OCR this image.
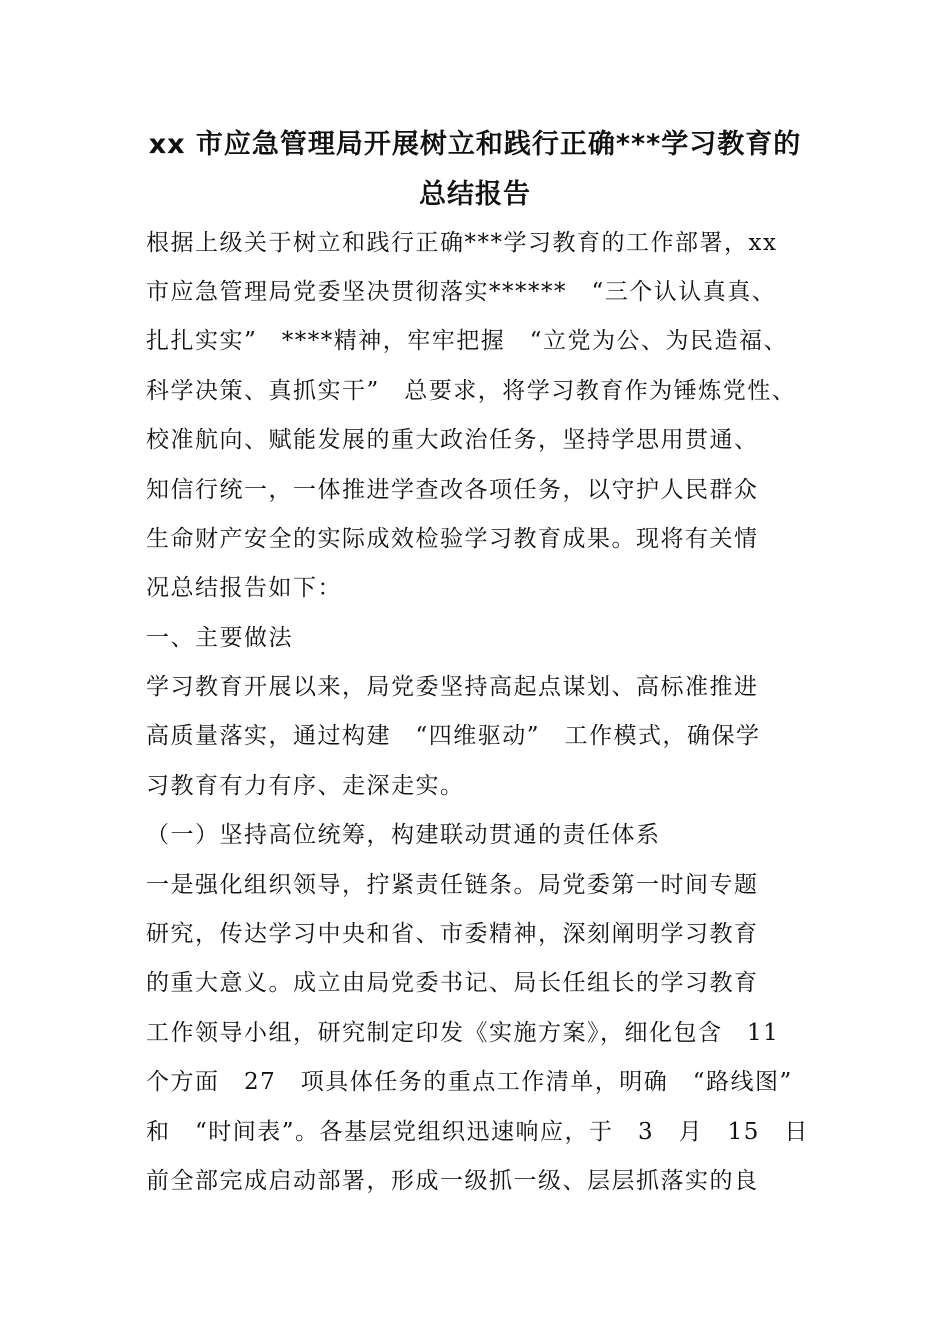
xx 市应急管理局开展树立和践行正确***学习教育的
总结报告
根据上级关于树立和践行正确***学习教育的工作部署，xx
市应急管理局党委坚决贯彻落实******　“三个认认真真、
扎扎实实”　****精神，牢牢把握　“立党为公、为民造福、
科学决策、真抓实干”　总要求，将学习教育作为锤炼党性、
校准航向、赋能发展的重大政治任务，坚持学思用贯通、
知信行统一，一体推进学查改各项任务，以守护人民群众
生命财产安全的实际成效检验学习教育成果。现将有关情
况总结报告如下：
一、主要做法
学习教育开展以来，局党委坚持高起点谋划、高标准推进
高质量落实，通过构建　“四维驱动”　工作模式，确保学
习教育有力有序、走深走实。
（一）坚持高位统筹，构建联动贯通的责任体系
一是强化组织领导，拧紧责任链条。局党委第一时间专题
研究，传达学习中央和省、市委精神，深刻阐明学习教育
的重大意义。成立由局党委书记、局长任组长的学习教育
工作领导小组，研究制定印发《实施方案》，细化包含　11
个方面　27　项具体任务的重点工作清单，明确　“路线图”
和　“时间表”。各基层党组织迅速响应，于　3　月　15　日
前全部完成启动部署，形成一级抓一级、层层抓落实的良
